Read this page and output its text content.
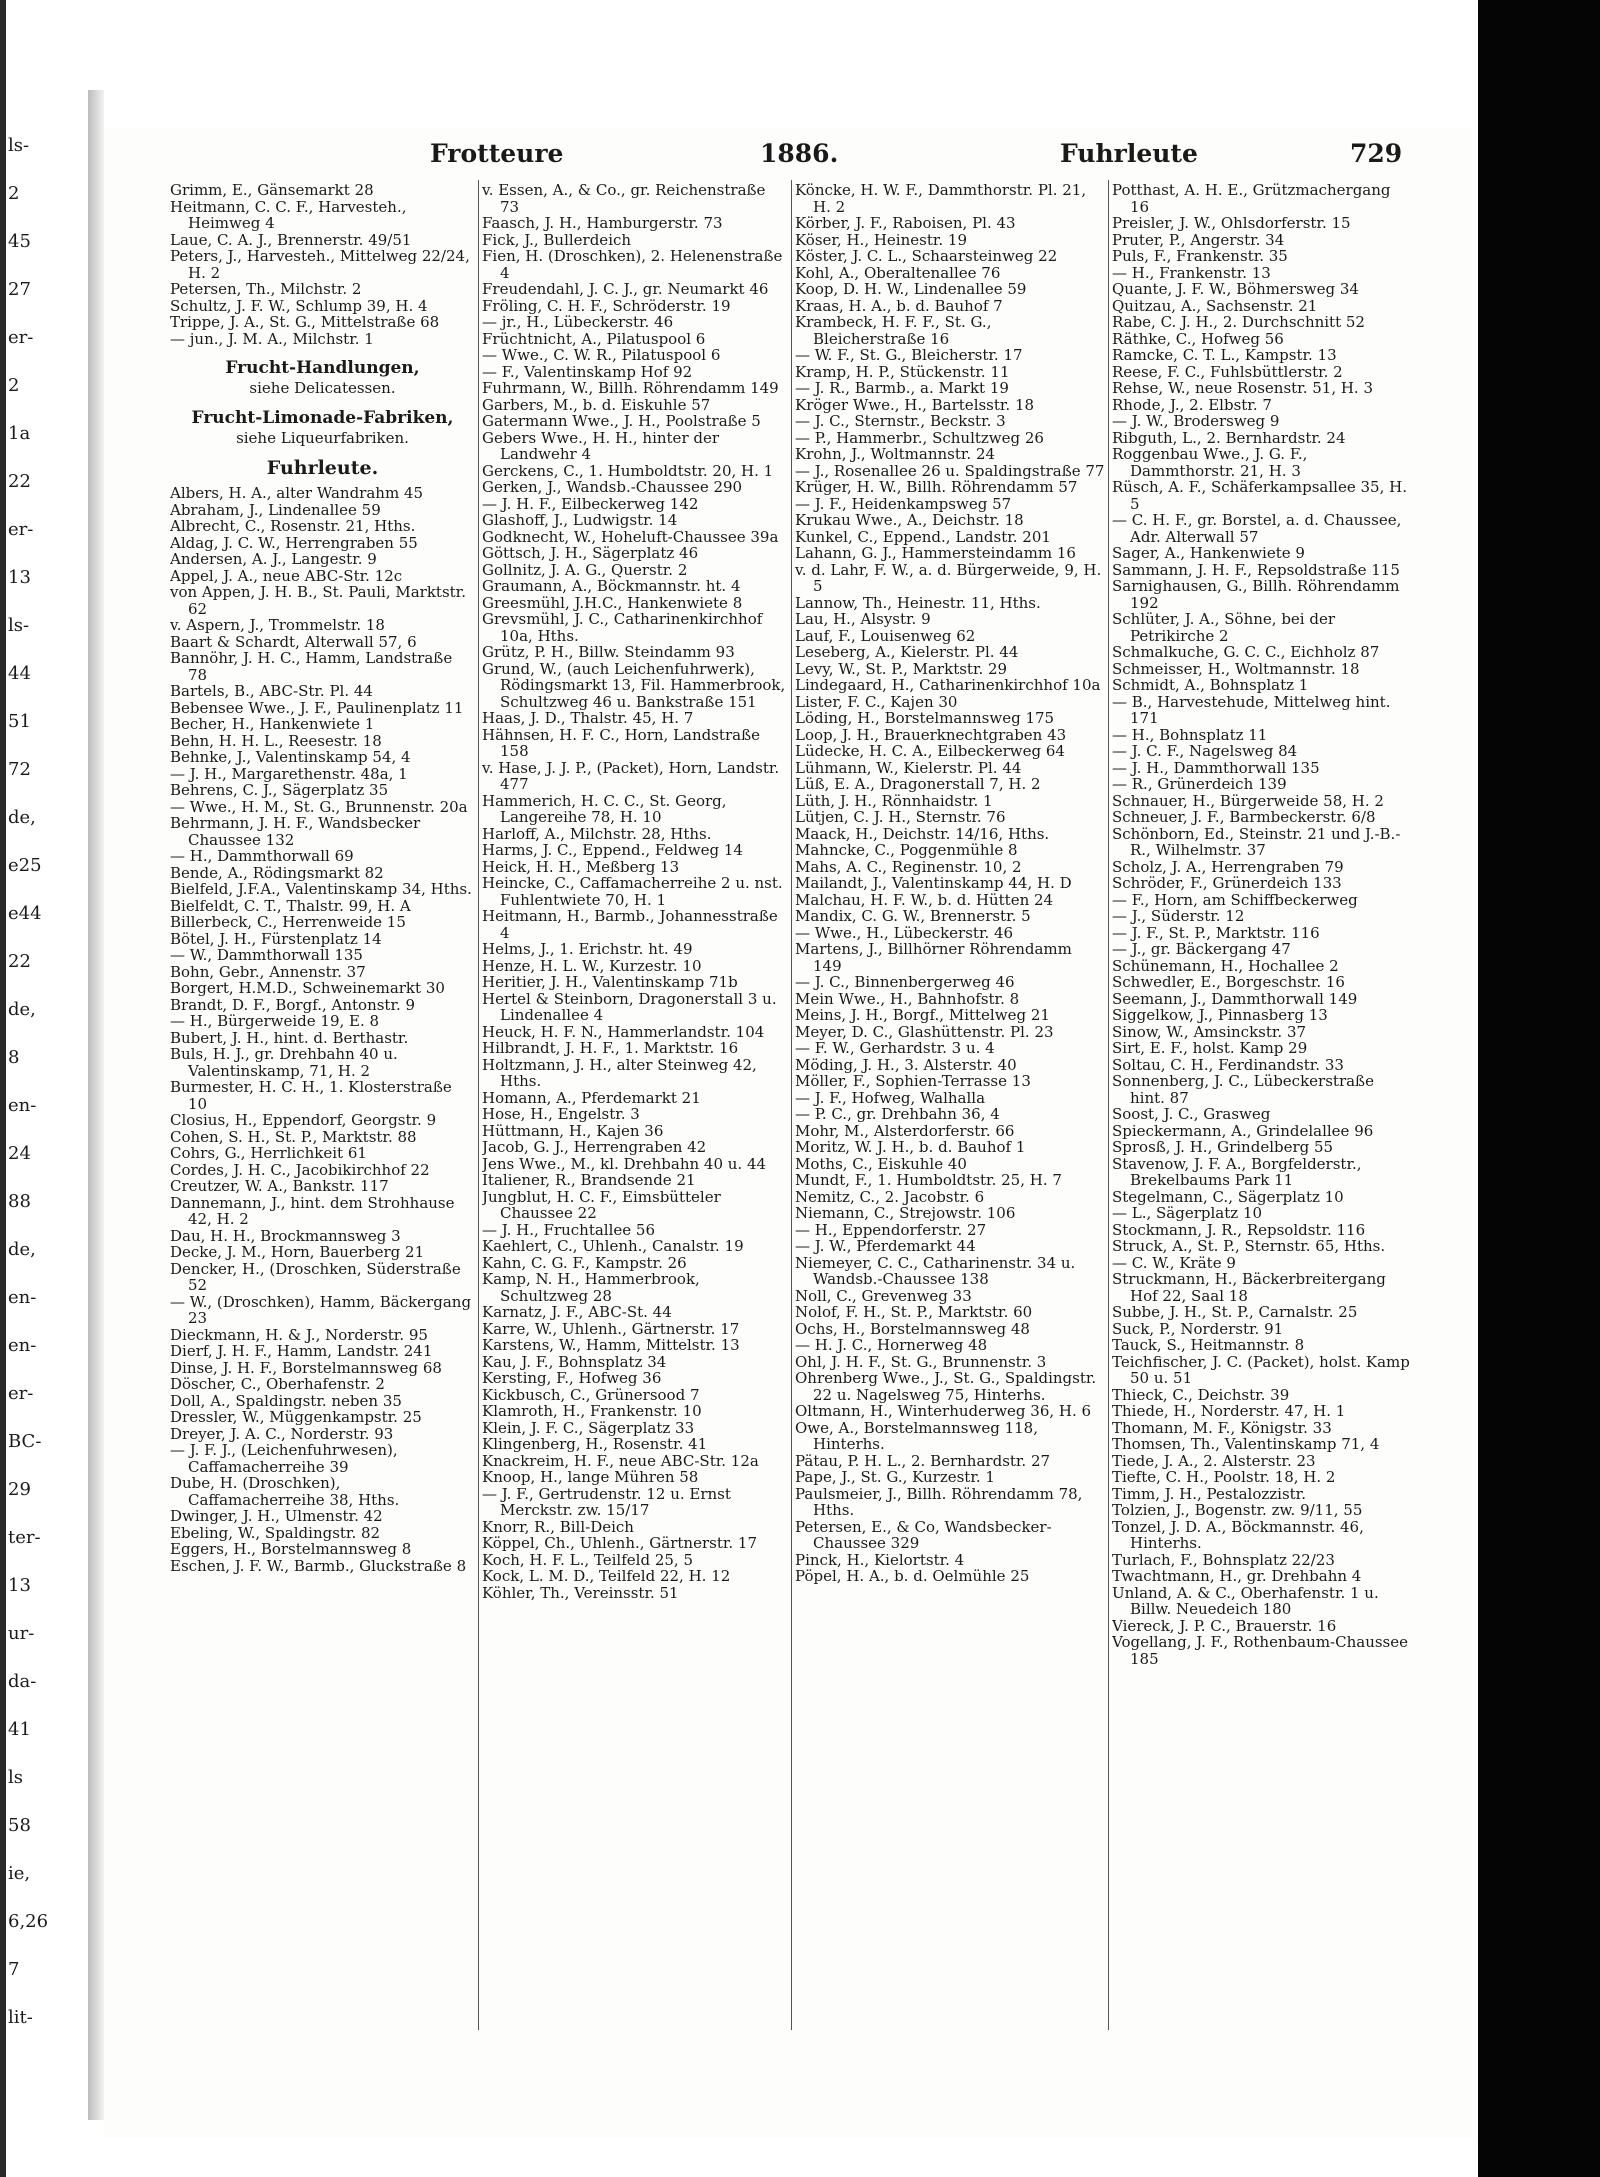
ls-
2
45
27
er-
2
1a
22
er-
13
ls-
44
51
72
de,
e25
e44
22
de,
8
en-
24
88
de,
en-
en-
er-
BC-
29
ter-
13
ur-
da-
41
ls
58
ie,
6,26
7
lit-
Frotteure	1886.	Fuhrleute	729

Grimm, E., Gänsemarkt 28

Heitmann, C. C. F., Harvesteh., Heimweg 4

Laue, C. A. J., Brennerstr. 49/51

Peters, J., Harvesteh., Mittelweg 22/24, H. 2

Petersen, Th., Milchstr. 2

Schultz, J. F. W., Schlump 39, H. 4

Trippe, J. A., St. G., Mittelstraße 68

— jun., J. M. A., Milchstr. 1

Frucht-Handlungen,
siehe Delicatessen.
Frucht-Limonade-Fabriken,
siehe Liqueurfabriken.
Fuhrleute.

Albers, H. A., alter Wandrahm 45

Abraham, J., Lindenallee 59

Albrecht, C., Rosenstr. 21, Hths.

Aldag, J. C. W., Herrengraben 55

Andersen, A. J., Langestr. 9

Appel, J. A., neue ABC-Str. 12c

von Appen, J. H. B., St. Pauli, Marktstr. 62

v. Aspern, J., Trommelstr. 18

Baart & Schardt, Alterwall 57, 6

Bannöhr, J. H. C., Hamm, Landstraße 78

Bartels, B., ABC-Str. Pl. 44

Bebensee Wwe., J. F., Paulinenplatz 11

Becher, H., Hankenwiete 1

Behn, H. H. L., Reesestr. 18

Behnke, J., Valentinskamp 54, 4

— J. H., Margarethenstr. 48a, 1

Behrens, C. J., Sägerplatz 35

— Wwe., H. M., St. G., Brunnenstr. 20a

Behrmann, J. H. F., Wandsbecker Chaussee 132

— H., Dammthorwall 69

Bende, A., Rödingsmarkt 82

Bielfeld, J.F.A., Valentinskamp 34, Hths.

Bielfeldt, C. T., Thalstr. 99, H. A

Billerbeck, C., Herrenweide 15

Bötel, J. H., Fürstenplatz 14

— W., Dammthorwall 135

Bohn, Gebr., Annenstr. 37

Borgert, H.M.D., Schweinemarkt 30

Brandt, D. F., Borgf., Antonstr. 9

— H., Bürgerweide 19, E. 8

Bubert, J. H., hint. d. Berthastr.

Buls, H. J., gr. Drehbahn 40 u. Valentinskamp, 71, H. 2

Burmester, H. C. H., 1. Klosterstraße 10

Closius, H., Eppendorf, Georgstr. 9

Cohen, S. H., St. P., Marktstr. 88

Cohrs, G., Herrlichkeit 61

Cordes, J. H. C., Jacobikirchhof 22

Creutzer, W. A., Bankstr. 117

Dannemann, J., hint. dem Strohhause 42, H. 2

Dau, H. H., Brockmannsweg 3

Decke, J. M., Horn, Bauerberg 21

Dencker, H., (Droschken, Süderstraße 52

— W., (Droschken), Hamm, Bäckergang 23

Dieckmann, H. & J., Norderstr. 95

Dierf, J. H. F., Hamm, Landstr. 241

Dinse, J. H. F., Borstelmannsweg 68

Döscher, C., Oberhafenstr. 2

Doll, A., Spaldingstr. neben 35

Dressler, W., Müggenkampstr. 25

Dreyer, J. A. C., Norderstr. 93

— J. F. J., (Leichenfuhrwesen), Caffamacherreihe 39

Dube, H. (Droschken), Caffamacherreihe 38, Hths.

Dwinger, J. H., Ulmenstr. 42

Ebeling, W., Spaldingstr. 82

Eggers, H., Borstelmannsweg 8

Eschen, J. F. W., Barmb., Gluckstraße 8

v. Essen, A., & Co., gr. Reichenstraße 73

Faasch, J. H., Hamburgerstr. 73

Fick, J., Bullerdeich

Fien, H. (Droschken), 2. Helenenstraße 4

Freudendahl, J. C. J., gr. Neumarkt 46

Fröling, C. H. F., Schröderstr. 19

— jr., H., Lübeckerstr. 46

Früchtnicht, A., Pilatuspool 6

— Wwe., C. W. R., Pilatuspool 6

— F., Valentinskamp Hof 92

Fuhrmann, W., Billh. Röhrendamm 149

Garbers, M., b. d. Eiskuhle 57

Gatermann Wwe., J. H., Poolstraße 5

Gebers Wwe., H. H., hinter der Landwehr 4

Gerckens, C., 1. Humboldtstr. 20, H. 1

Gerken, J., Wandsb.-Chaussee 290

— J. H. F., Eilbeckerweg 142

Glashoff, J., Ludwigstr. 14

Godknecht, W., Hoheluft-Chaussee 39a

Göttsch, J. H., Sägerplatz 46

Gollnitz, J. A. G., Querstr. 2

Graumann, A., Böckmannstr. ht. 4

Greesmühl, J.H.C., Hankenwiete 8

Grevsmühl, J. C., Catharinenkirchhof 10a, Hths.

Grütz, P. H., Billw. Steindamm 93

Grund, W., (auch Leichenfuhrwerk), Rödingsmarkt 13, Fil. Hammerbrook, Schultzweg 46 u. Bankstraße 151

Haas, J. D., Thalstr. 45, H. 7

Hähnsen, H. F. C., Horn, Landstraße 158

v. Hase, J. J. P., (Packet), Horn, Landstr. 477

Hammerich, H. C. C., St. Georg, Langereihe 78, H. 10

Harloff, A., Milchstr. 28, Hths.

Harms, J. C., Eppend., Feldweg 14

Heick, H. H., Meßberg 13

Heincke, C., Caffamacherreihe 2 u. nst. Fuhlentwiete 70, H. 1

Heitmann, H., Barmb., Johannesstraße 4

Helms, J., 1. Erichstr. ht. 49

Henze, H. L. W., Kurzestr. 10

Heritier, J. H., Valentinskamp 71b

Hertel & Steinborn, Dragonerstall 3 u. Lindenallee 4

Heuck, H. F. N., Hammerlandstr. 104

Hilbrandt, J. H. F., 1. Marktstr. 16

Holtzmann, J. H., alter Steinweg 42, Hths.

Homann, A., Pferdemarkt 21

Hose, H., Engelstr. 3

Hüttmann, H., Kajen 36

Jacob, G. J., Herrengraben 42

Jens Wwe., M., kl. Drehbahn 40 u. 44

Italiener, R., Brandsende 21

Jungblut, H. C. F., Eimsbütteler Chaussee 22

— J. H., Fruchtallee 56

Kaehlert, C., Uhlenh., Canalstr. 19

Kahn, C. G. F., Kampstr. 26

Kamp, N. H., Hammerbrook, Schultzweg 28

Karnatz, J. F., ABC-St. 44

Karre, W., Uhlenh., Gärtnerstr. 17

Karstens, W., Hamm, Mittelstr. 13

Kau, J. F., Bohnsplatz 34

Kersting, F., Hofweg 36

Kickbusch, C., Grünersood 7

Klamroth, H., Frankenstr. 10

Klein, J. F. C., Sägerplatz 33

Klingenberg, H., Rosenstr. 41

Knackreim, H. F., neue ABC-Str. 12a

Knoop, H., lange Mühren 58

— J. F., Gertrudenstr. 12 u. Ernst Merckstr. zw. 15/17

Knorr, R., Bill-Deich

Köppel, Ch., Uhlenh., Gärtnerstr. 17

Koch, H. F. L., Teilfeld 25, 5

Kock, L. M. D., Teilfeld 22, H. 12

Köhler, Th., Vereinsstr. 51

Köncke, H. W. F., Dammthorstr. Pl. 21, H. 2

Körber, J. F., Raboisen, Pl. 43

Köser, H., Heinestr. 19

Köster, J. C. L., Schaarsteinweg 22

Kohl, A., Oberaltenallee 76

Koop, D. H. W., Lindenallee 59

Kraas, H. A., b. d. Bauhof 7

Krambeck, H. F. F., St. G., Bleicherstraße 16

— W. F., St. G., Bleicherstr. 17

Kramp, H. P., Stückenstr. 11

— J. R., Barmb., a. Markt 19

Kröger Wwe., H., Bartelsstr. 18

— J. C., Sternstr., Beckstr. 3

— P., Hammerbr., Schultzweg 26

Krohn, J., Woltmannstr. 24

— J., Rosenallee 26 u. Spaldingstraße 77

Krüger, H. W., Billh. Röhrendamm 57

— J. F., Heidenkampsweg 57

Krukau Wwe., A., Deichstr. 18

Kunkel, C., Eppend., Landstr. 201

Lahann, G. J., Hammersteindamm 16

v. d. Lahr, F. W., a. d. Bürgerweide, 9, H. 5

Lannow, Th., Heinestr. 11, Hths.

Lau, H., Alsystr. 9

Lauf, F., Louisenweg 62

Leseberg, A., Kielerstr. Pl. 44

Levy, W., St. P., Marktstr. 29

Lindegaard, H., Catharinenkirchhof 10a

Lister, F. C., Kajen 30

Löding, H., Borstelmannsweg 175

Loop, J. H., Brauerknechtgraben 43

Lüdecke, H. C. A., Eilbeckerweg 64

Lühmann, W., Kielerstr. Pl. 44

Lüß, E. A., Dragonerstall 7, H. 2

Lüth, J. H., Rönnhaidstr. 1

Lütjen, C. J. H., Sternstr. 76

Maack, H., Deichstr. 14/16, Hths.

Mahncke, C., Poggenmühle 8

Mahs, A. C., Reginenstr. 10, 2

Mailandt, J., Valentinskamp 44, H. D

Malchau, H. F. W., b. d. Hütten 24

Mandix, C. G. W., Brennerstr. 5

— Wwe., H., Lübeckerstr. 46

Martens, J., Billhörner Röhrendamm 149

— J. C., Binnenbergerweg 46

Mein Wwe., H., Bahnhofstr. 8

Meins, J. H., Borgf., Mittelweg 21

Meyer, D. C., Glashüttenstr. Pl. 23

— F. W., Gerhardstr. 3 u. 4

Möding, J. H., 3. Alsterstr. 40

Möller, F., Sophien-Terrasse 13

— J. F., Hofweg, Walhalla

— P. C., gr. Drehbahn 36, 4

Mohr, M., Alsterdorferstr. 66

Moritz, W. J. H., b. d. Bauhof 1

Moths, C., Eiskuhle 40

Mundt, F., 1. Humboldtstr. 25, H. 7

Nemitz, C., 2. Jacobstr. 6

Niemann, C., Strejowstr. 106

— H., Eppendorferstr. 27

— J. W., Pferdemarkt 44

Niemeyer, C. C., Catharinenstr. 34 u. Wandsb.-Chaussee 138

Noll, C., Grevenweg 33

Nolof, F. H., St. P., Marktstr. 60

Ochs, H., Borstelmannsweg 48

— H. J. C., Hornerweg 48

Ohl, J. H. F., St. G., Brunnenstr. 3

Ohrenberg Wwe., J., St. G., Spaldingstr. 22 u. Nagelsweg 75, Hinterhs.

Oltmann, H., Winterhuderweg 36, H. 6

Owe, A., Borstelmannsweg 118, Hinterhs.

Pätau, P. H. L., 2. Bernhardstr. 27

Pape, J., St. G., Kurzestr. 1

Paulsmeier, J., Billh. Röhrendamm 78, Hths.

Petersen, E., & Co, Wandsbecker-Chaussee 329

Pinck, H., Kielortstr. 4

Pöpel, H. A., b. d. Oelmühle 25

Potthast, A. H. E., Grützmachergang 16

Preisler, J. W., Ohlsdorferstr. 15

Pruter, P., Angerstr. 34

Puls, F., Frankenstr. 35

— H., Frankenstr. 13

Quante, J. F. W., Böhmersweg 34

Quitzau, A., Sachsenstr. 21

Rabe, C. J. H., 2. Durchschnitt 52

Räthke, C., Hofweg 56

Ramcke, C. T. L., Kampstr. 13

Reese, F. C., Fuhlsbüttlerstr. 2

Rehse, W., neue Rosenstr. 51, H. 3

Rhode, J., 2. Elbstr. 7

— J. W., Brodersweg 9

Ribguth, L., 2. Bernhardstr. 24

Roggenbau Wwe., J. G. F., Dammthorstr. 21, H. 3

Rüsch, A. F., Schäferkampsallee 35, H. 5

— C. H. F., gr. Borstel, a. d. Chaussee, Adr. Alterwall 57

Sager, A., Hankenwiete 9

Sammann, J. H. F., Repsoldstraße 115

Sarnighausen, G., Billh. Röhrendamm 192

Schlüter, J. A., Söhne, bei der Petrikirche 2

Schmalkuche, G. C. C., Eichholz 87

Schmeisser, H., Woltmannstr. 18

Schmidt, A., Bohnsplatz 1

— B., Harvestehude, Mittelweg hint. 171

— H., Bohnsplatz 11

— J. C. F., Nagelsweg 84

— J. H., Dammthorwall 135

— R., Grünerdeich 139

Schnauer, H., Bürgerweide 58, H. 2

Schneuer, J. F., Barmbeckerstr. 6/8

Schönborn, Ed., Steinstr. 21 und J.-B.-R., Wilhelmstr. 37

Scholz, J. A., Herrengraben 79

Schröder, F., Grünerdeich 133

— F., Horn, am Schiffbeckerweg

— J., Süderstr. 12

— J. F., St. P., Marktstr. 116

— J., gr. Bäckergang 47

Schünemann, H., Hochallee 2

Schwedler, E., Borgeschstr. 16

Seemann, J., Dammthorwall 149

Siggelkow, J., Pinnasberg 13

Sinow, W., Amsinckstr. 37

Sirt, E. F., holst. Kamp 29

Soltau, C. H., Ferdinandstr. 33

Sonnenberg, J. C., Lübeckerstraße hint. 87

Soost, J. C., Grasweg

Spieckermann, A., Grindelallee 96

Sprosß, J. H., Grindelberg 55

Stavenow, J. F. A., Borgfelderstr., Brekelbaums Park 11

Stegelmann, C., Sägerplatz 10

— L., Sägerplatz 10

Stockmann, J. R., Repsoldstr. 116

Struck, A., St. P., Sternstr. 65, Hths.

— C. W., Kräte 9

Struckmann, H., Bäckerbreitergang Hof 22, Saal 18

Subbe, J. H., St. P., Carnalstr. 25

Suck, P., Norderstr. 91

Tauck, S., Heitmannstr. 8

Teichfischer, J. C. (Packet), holst. Kamp 50 u. 51

Thieck, C., Deichstr. 39

Thiede, H., Norderstr. 47, H. 1

Thomann, M. F., Königstr. 33

Thomsen, Th., Valentinskamp 71, 4

Tiede, J. A., 2. Alsterstr. 23

Tiefte, C. H., Poolstr. 18, H. 2

Timm, J. H., Pestalozzistr.

Tolzien, J., Bogenstr. zw. 9/11, 55

Tonzel, J. D. A., Böckmannstr. 46, Hinterhs.

Turlach, F., Bohnsplatz 22/23

Twachtmann, H., gr. Drehbahn 4

Unland, A. & C., Oberhafenstr. 1 u. Billw. Neuedeich 180

Viereck, J. P. C., Brauerstr. 16

Vogellang, J. F., Rothenbaum-Chaussee 185
